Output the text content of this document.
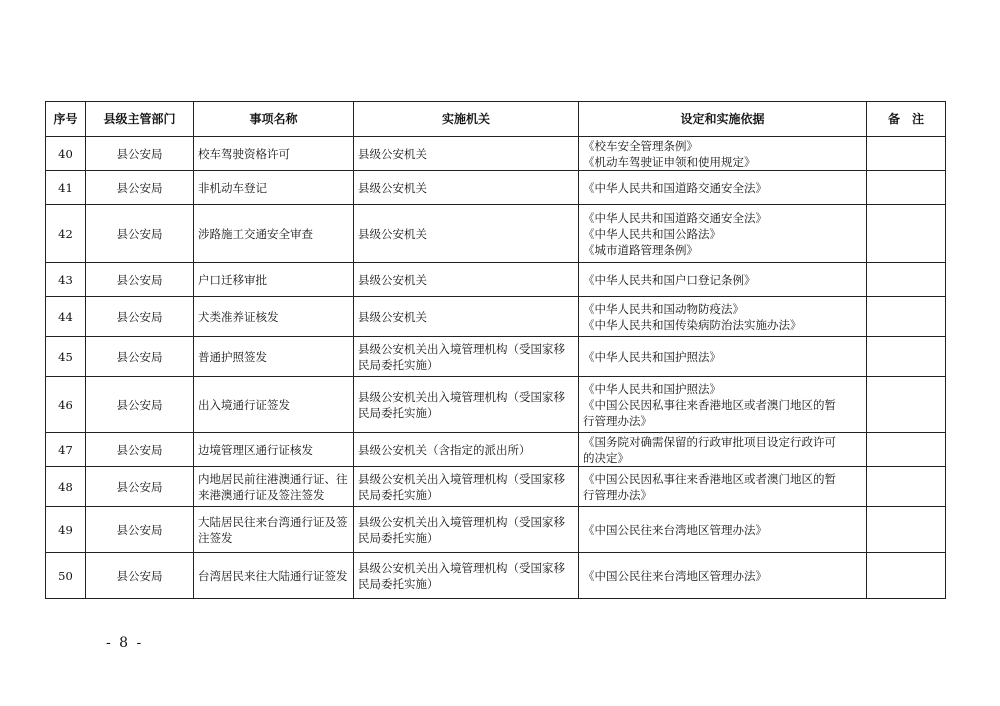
序号	县级主管部门	事项名称	实施机关	设定和实施依据	备　注
40	县公安局	校车驾驶资格许可	县级公安机关	《校车安全管理条例》
《机动车驾驶证申领和使用规定》	

41	县公安局	非机动车登记	县级公安机关	《中华人民共和国道路交通安全法》	

42	县公安局	涉路施工交通安全审查	县级公安机关	《中华人民共和国道路交通安全法》
《中华人民共和国公路法》
《城市道路管理条例》	

43	县公安局	户口迁移审批	县级公安机关	《中华人民共和国户口登记条例》	

44	县公安局	犬类准养证核发	县级公安机关	《中华人民共和国动物防疫法》
《中华人民共和国传染病防治法实施办法》	

45	县公安局	普通护照签发	县级公安机关出入境管理机构（受国家移民局委托实施）	《中华人民共和国护照法》	

46	县公安局	出入境通行证签发	县级公安机关出入境管理机构（受国家移民局委托实施）	《中华人民共和国护照法》
《中国公民因私事往来香港地区或者澳门地区的暂
行管理办法》	

47	县公安局	边境管理区通行证核发	县级公安机关（含指定的派出所）	《国务院对确需保留的行政审批项目设定行政许可
的决定》	

48	县公安局	内地居民前往港澳通行证、往来港澳通行证及签注签发	县级公安机关出入境管理机构（受国家移民局委托实施）	《中国公民因私事往来香港地区或者澳门地区的暂
行管理办法》	

49	县公安局	大陆居民往来台湾通行证及签注签发	县级公安机关出入境管理机构（受国家移民局委托实施）	《中国公民往来台湾地区管理办法》	

50	县公安局	台湾居民来往大陆通行证签发	县级公安机关出入境管理机构（受国家移民局委托实施）	《中国公民往来台湾地区管理办法》	

- 8 -
